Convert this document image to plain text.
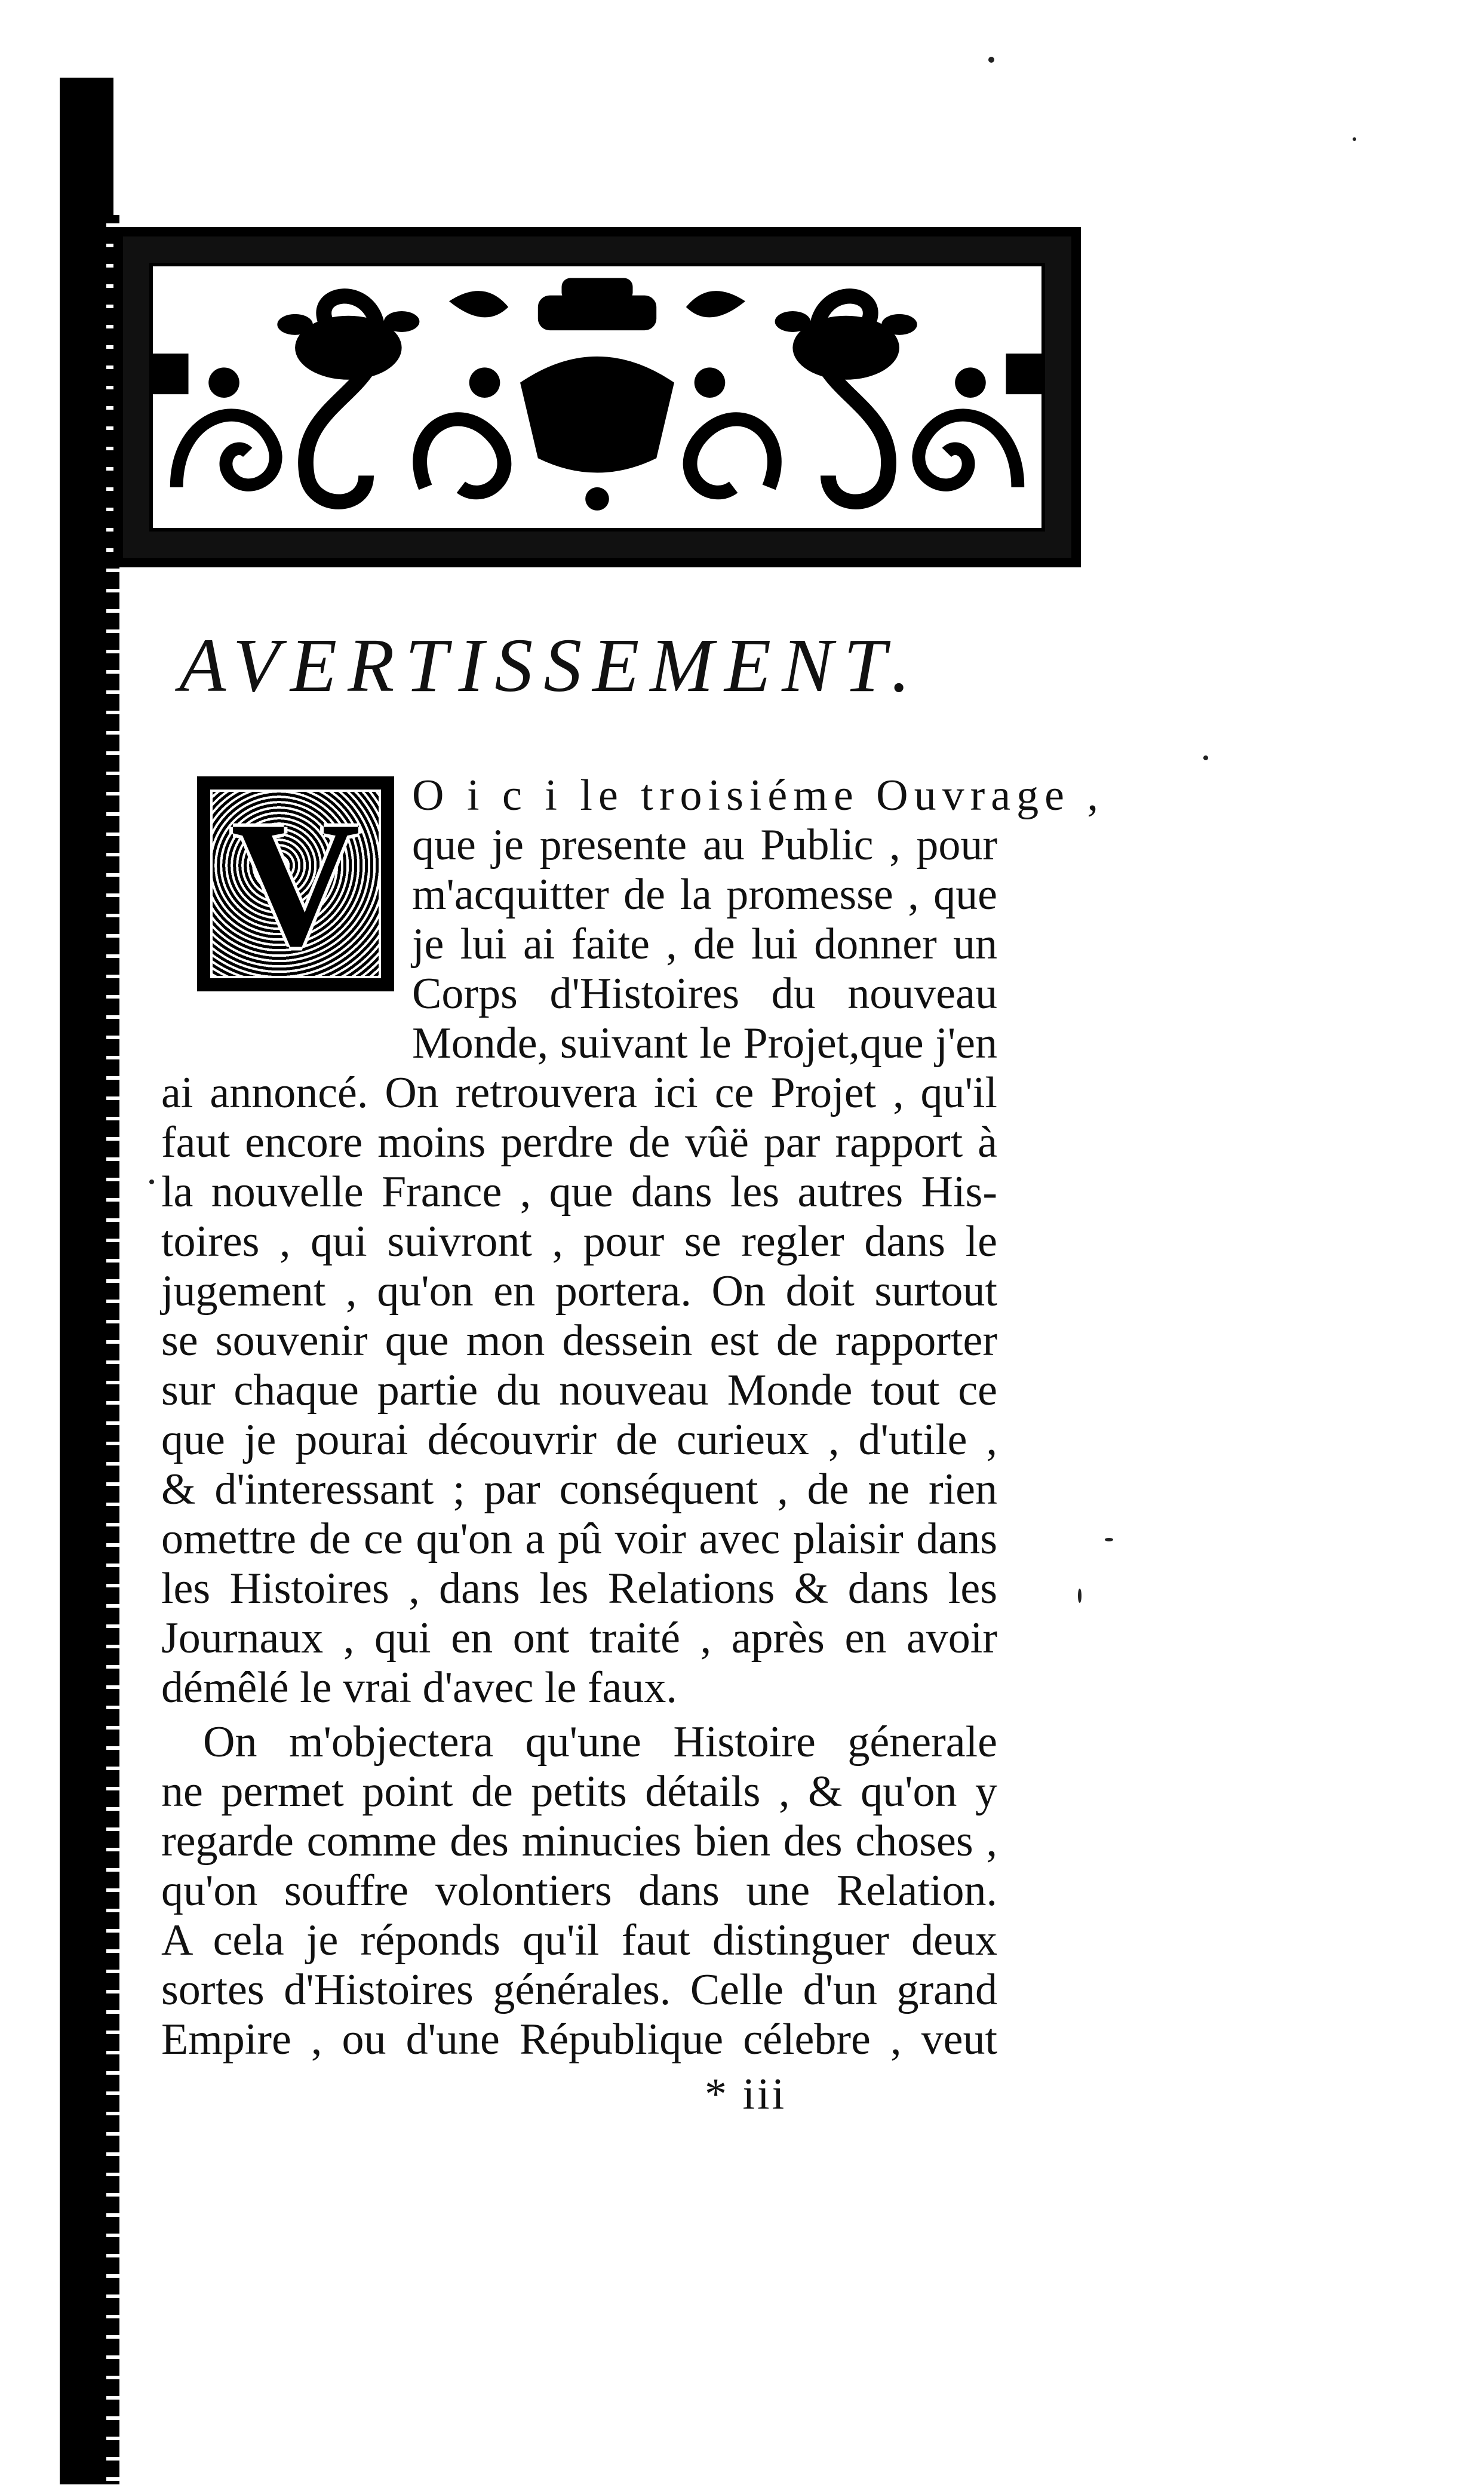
AVERTISSEMENT.
V	O i c i le troisiéme Ouvrage ,
que je presente au Public , pour
m'acquitter de la promesse , que
je lui ai faite , de lui donner un
Corps d'Histoires du nouveau
Monde, suivant le Projet,que j'en
ai annoncé. On retrouvera ici ce Projet , qu'il
faut encore moins perdre de vûë par rapport à
la nouvelle France , que dans les autres His-
toires , qui suivront , pour se regler dans le
jugement , qu'on en portera. On doit surtout
se souvenir que mon dessein est de rapporter
sur chaque partie du nouveau Monde tout ce
que je pourai découvrir de curieux , d'utile ,
& d'interessant ; par conséquent , de ne rien
omettre de ce qu'on a pû voir avec plaisir dans
les Histoires , dans les Relations & dans les
Journaux , qui en ont traité , après en avoir
démêlé le vrai d'avec le faux.
On m'objectera qu'une Histoire génerale
ne permet point de petits détails , & qu'on y
regarde comme des minucies bien des choses ,
qu'on souffre volontiers dans une Relation.
A cela je réponds qu'il faut distinguer deux
sortes d'Histoires générales. Celle d'un grand
Empire , ou d'une République célebre , veut
* iii
